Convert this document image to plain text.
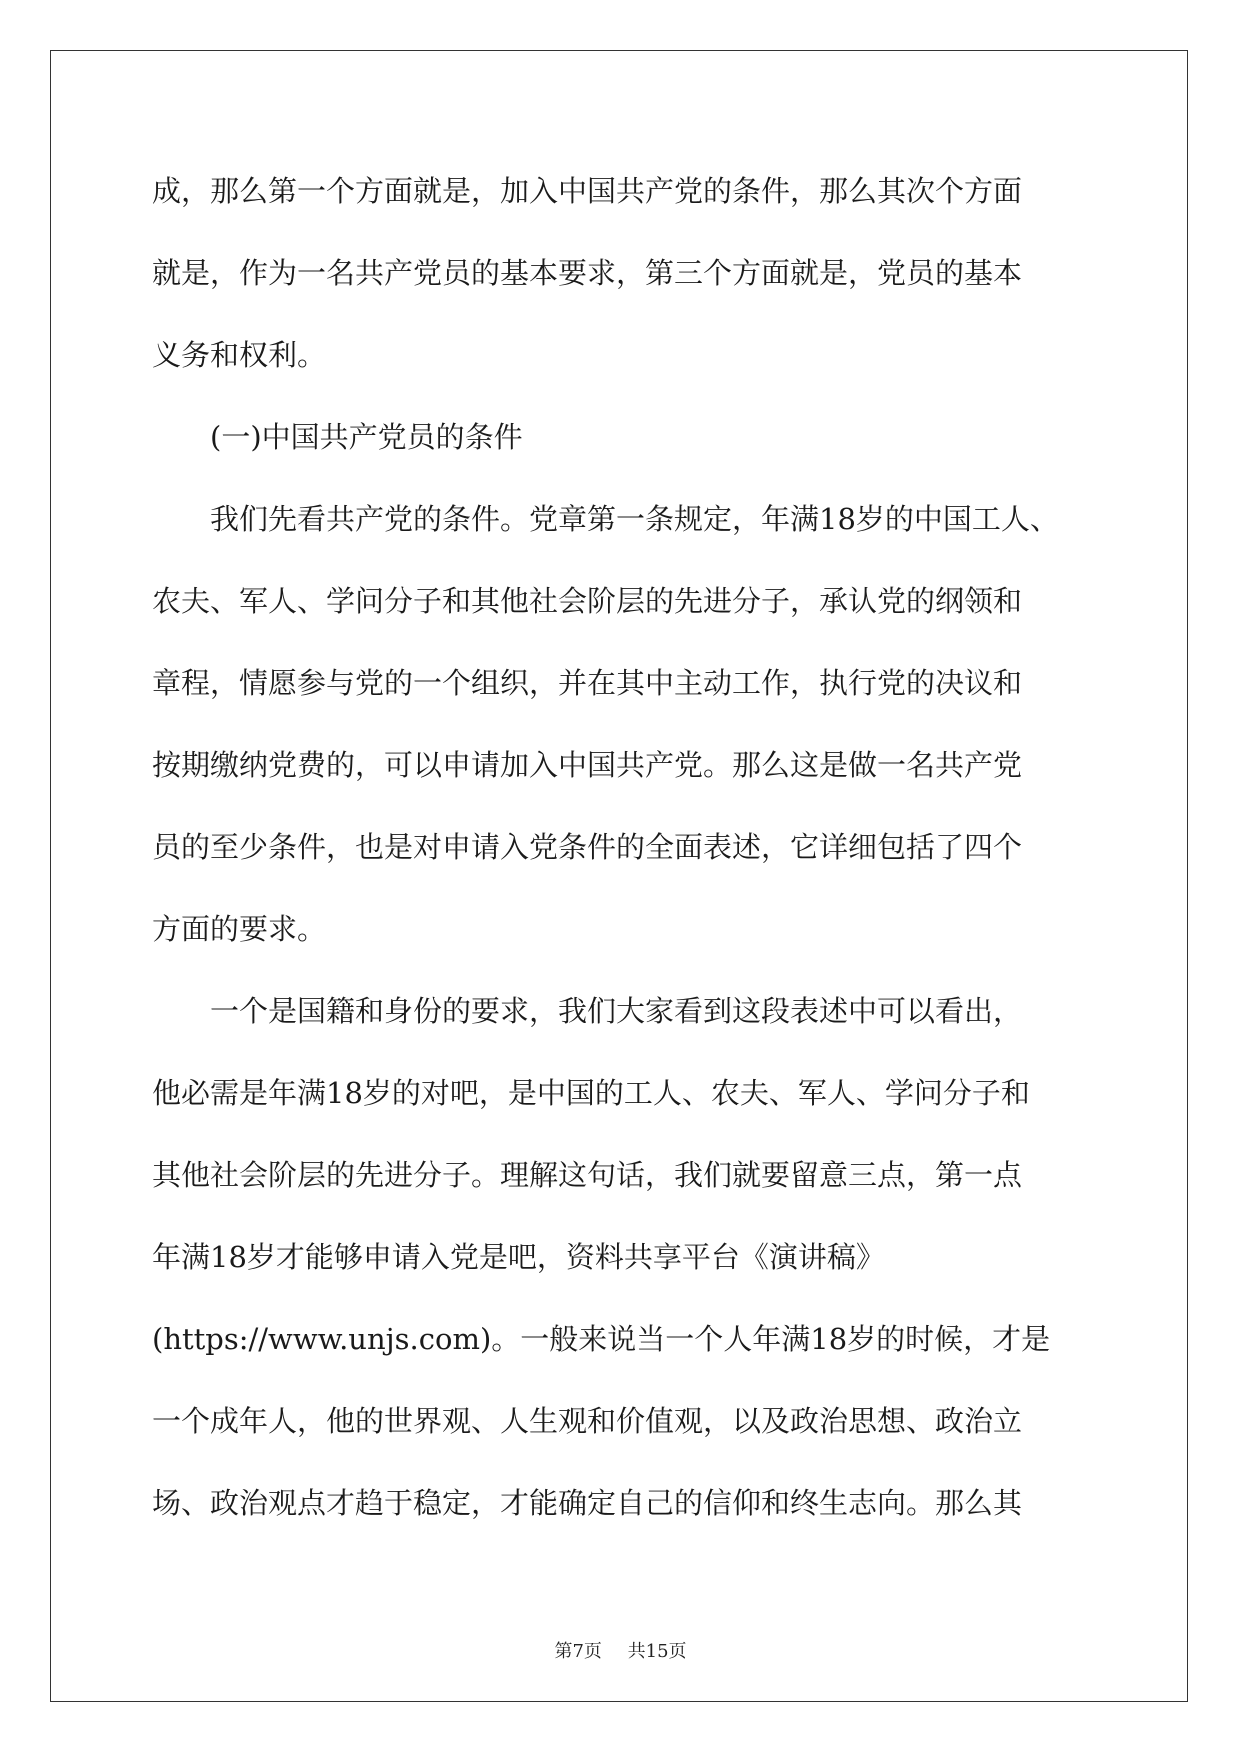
成，那么第一个方面就是，加入中国共产党的条件，那么其次个方面
就是，作为一名共产党员的基本要求，第三个方面就是，党员的基本
义务和权利。
(一)中国共产党员的条件
我们先看共产党的条件。党章第一条规定，年满18岁的中国工人、
农夫、军人、学问分子和其他社会阶层的先进分子，承认党的纲领和
章程，情愿参与党的一个组织，并在其中主动工作，执行党的决议和
按期缴纳党费的，可以申请加入中国共产党。那么这是做一名共产党
员的至少条件，也是对申请入党条件的全面表述，它详细包括了四个
方面的要求。
一个是国籍和身份的要求，我们大家看到这段表述中可以看出，
他必需是年满18岁的对吧，是中国的工人、农夫、军人、学问分子和
其他社会阶层的先进分子。理解这句话，我们就要留意三点，第一点
年满18岁才能够申请入党是吧，资料共享平台《演讲稿》
(https://www.unjs.com)。一般来说当一个人年满18岁的时候，才是
一个成年人，他的世界观、人生观和价值观，以及政治思想、政治立
场、政治观点才趋于稳定，才能确定自己的信仰和终生志向。那么其
第7页 共15页
